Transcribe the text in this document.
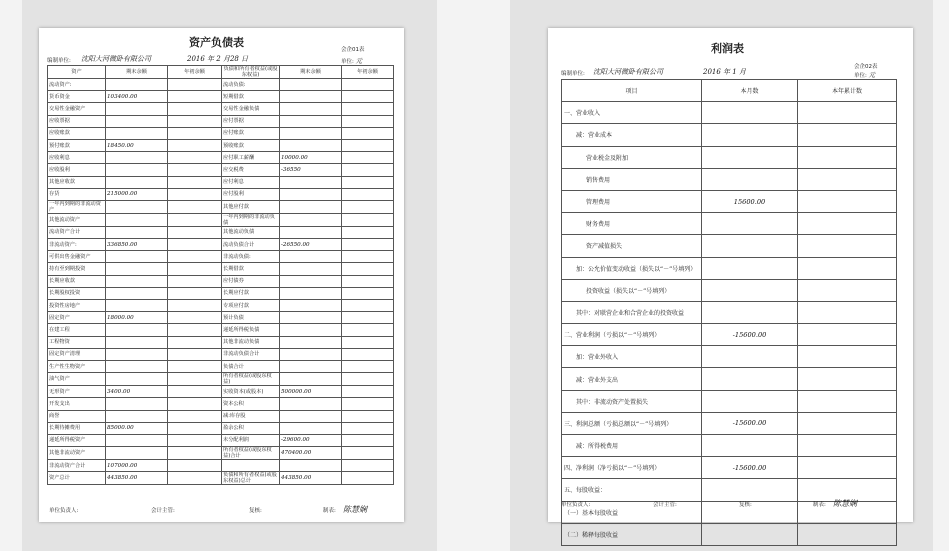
资产负债表
会企01表
编制单位: 沈阳大河微卧有限公司	2016 年 2 月28 日	单位: 元
资产	期末余额	年初余额	负债和所有者权益(或股东权益)	期末余额	年初余额
流动资产:			流动负债:		
货币资金	103400.00		短期借款		
交易性金融资产			交易性金融负债		
应收票据			应付票据		
应收账款			应付账款		
预付账款	18450.00		预收账款		
应收利息			应付职工薪酬	10000.00	
应收股利			应交税费	-36550	
其他应收款			应付利息		
存货	215000.00		应付股利		
一年内到期的非流动资产			其他应付款		
其他流动资产			一年内到期的非流动负债		
流动资产合计			其他流动负债		
非流动资产:	336850.00		流动负债合计	-26550.00	
可供出售金融资产			非流动负债:		
持有至到期投资			长期借款		
长期应收款			应付债券		
长期股权投资			长期应付款		
投资性房地产			专项应付款		
固定资产	18000.00		预计负债		
在建工程			递延所得税负债		
工程物资			其他非流动负债		
固定资产清理			非流动负债合计		
生产性生物资产			负债合计		
油气资产			所有者权益(或股东权益)		
无形资产	3400.00		实收资本(或股本)	500000.00	
开发支出			资本公积		
商誉			减:库存股		
长期待摊费用	85000.00		盈余公积		
递延所得税资产			未分配利润	-29600.00	
其他非流动资产			所有者权益(或股东权益)合计	470400.00	
非流动资产合计	107000.00				
资产总计	443850.00		负债和所有者权益(或股东权益)总计	443850.00	
单位负责人:	会计主管:	复核:	制表: 陈慧娴
利润表
会企02表
编制单位: 沈阳大河微卧有限公司	2016 年 1 月	单位: 元
项目	本月数	本年累计数
一、营业收入		
减：营业成本		
营业税金及附加		
销售费用		
管理费用	15600.00	
财务费用		
资产减值损失		
加：公允价值变动收益（损失以“－”号填列）		
投资收益（损失以“－”号填列）		
其中：对联营企业和合营企业的投资收益		
二、营业利润（亏损以“－”号填列）	-15600.00	
加：营业外收入		
减：营业外支出		
其中：非流动资产处置损失		
三、利润总额（亏损总额以“－”号填列）	-15600.00	
减：所得税费用		
四、净利润（净亏损以“－”号填列）	-15600.00	
五、每股收益：		
（一）基本每股收益		
（二）稀释每股收益		
单位负责人:	会计主管:	复核:	制表: 陈慧娴
